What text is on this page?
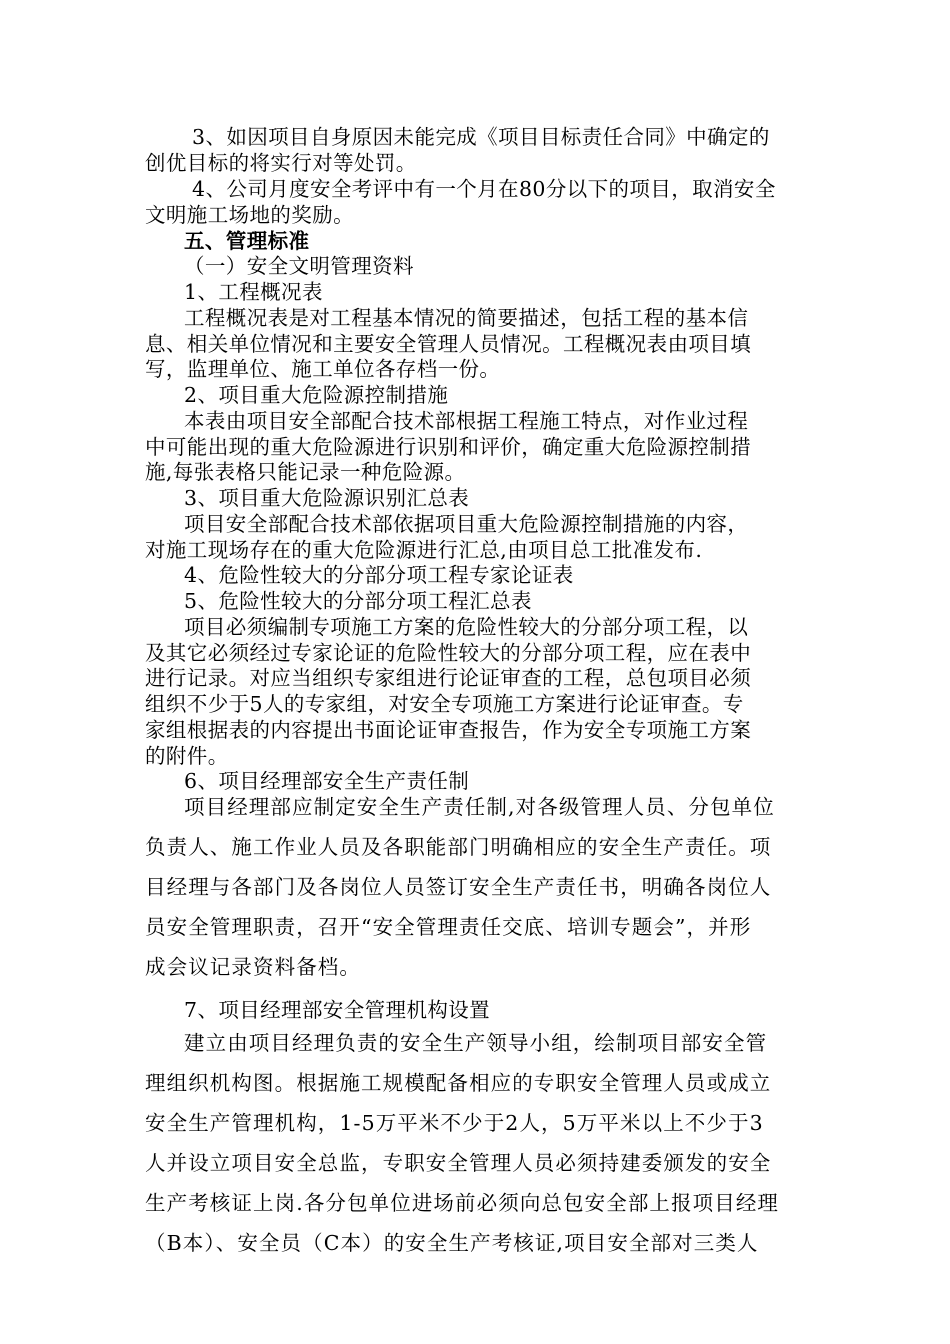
3、如因项目自身原因未能完成《项目目标责任合同》中确定的
创优目标的将实行对等处罚。
4、公司月度安全考评中有一个月在80分以下的项目，取消安全
文明施工场地的奖励。
五、管理标准
（一）安全文明管理资料
1、工程概况表
工程概况表是对工程基本情况的简要描述，包括工程的基本信
息、相关单位情况和主要安全管理人员情况。工程概况表由项目填
写，监理单位、施工单位各存档一份。
2、项目重大危险源控制措施
本表由项目安全部配合技术部根据工程施工特点，对作业过程
中可能出现的重大危险源进行识别和评价，确定重大危险源控制措
施,每张表格只能记录一种危险源。
3、项目重大危险源识别汇总表
项目安全部配合技术部依据项目重大危险源控制措施的内容，
对施工现场存在的重大危险源进行汇总,由项目总工批准发布.
4、危险性较大的分部分项工程专家论证表
5、危险性较大的分部分项工程汇总表
项目必须编制专项施工方案的危险性较大的分部分项工程，以
及其它必须经过专家论证的危险性较大的分部分项工程，应在表中
进行记录。对应当组织专家组进行论证审查的工程，总包项目必须
组织不少于5人的专家组，对安全专项施工方案进行论证审查。专
家组根据表的内容提出书面论证审查报告，作为安全专项施工方案
的附件。
6、项目经理部安全生产责任制
项目经理部应制定安全生产责任制,对各级管理人员、分包单位
负责人、施工作业人员及各职能部门明确相应的安全生产责任。项
目经理与各部门及各岗位人员签订安全生产责任书，明确各岗位人
员安全管理职责，召开“安全管理责任交底、培训专题会”，并形
成会议记录资料备档。
7、项目经理部安全管理机构设置
建立由项目经理负责的安全生产领导小组，绘制项目部安全管
理组织机构图。根据施工规模配备相应的专职安全管理人员或成立
安全生产管理机构，1-5万平米不少于2人，5万平米以上不少于3
人并设立项目安全总监，专职安全管理人员必须持建委颁发的安全
生产考核证上岗.各分包单位进场前必须向总包安全部上报项目经理
（B本）、安全员（C本）的安全生产考核证,项目安全部对三类人
